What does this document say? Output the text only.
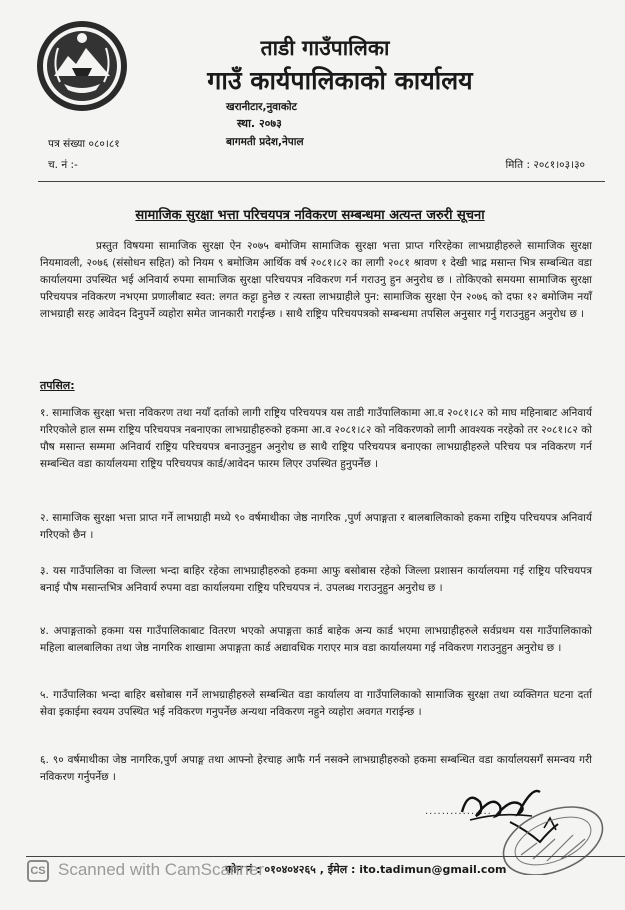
ताडी गाउँपालिका
गाउँ कार्यपालिकाको कार्यालय
खरानीटार,नुवाकोट
स्था. २०७३
बागमती प्रदेश,नेपाल
पत्र संख्या ०८०।८१
च. नं :-	मिति : २०८१।०३।३०
सामाजिक सुरक्षा भत्ता परिचयपत्र नविकरण सम्बन्धमा अत्यन्त जरुरी सूचना

प्रस्तुत विषयमा सामाजिक सुरक्षा ऐन २०७५ बमोजिम सामाजिक सुरक्षा भत्ता प्राप्त गरिरहेका लाभग्राहीहरुले सामाजिक सुरक्षा नियमावली, २०७६ (संसोधन सहित) को नियम ९ बमोजिम आर्थिक वर्ष २०८१।८२ का लागी २०८१ श्रावण १ देखी भाद्र मसान्त भित्र सम्बन्धित वडा कार्यालयमा उपस्थित भई अनिवार्य रुपमा सामाजिक सुरक्षा परिचयपत्र नविकरण गर्न गराउनु हुन अनुरोध छ । तोकिएको समयमा सामाजिक सुरक्षा परिचयपत्र नविकरण नभएमा प्रणालीबाट स्वत: लगत कट्टा हुनेछ र त्यस्ता लाभग्राहीले पुन: सामाजिक सुरक्षा ऐन २०७६ को दफा १२ बमोजिम नयाँ लाभग्राही सरह आवेदन दिनुपर्ने व्यहोरा समेत जानकारी गराईन्छ । साथै राष्ट्रिय परिचयपत्रको सम्बन्धमा तपसिल अनुसार गर्नु गराउनुहुन अनुरोध छ ।

तपसिल:

१. सामाजिक सुरक्षा भत्ता नविकरण तथा नयाँ दर्ताको लागी राष्ट्रिय परिचयपत्र यस ताडी गाउँपालिकामा आ.व २०८१।८२ को माघ महिनाबाट अनिवार्य गरिएकोले हाल सम्म राष्ट्रिय परिचयपत्र नबनाएका लाभग्राहीहरुको हकमा आ.व २०८१।८२ को नविकरणको लागी आवश्यक नरहेको तर २०८१।८२ को पौष मसान्त सम्ममा अनिवार्य राष्ट्रिय परिचयपत्र बनाउनुहुन अनुरोध छ साथै राष्ट्रिय परिचयपत्र बनाएका लाभग्राहीहरुले परिचय पत्र नविकरण गर्न सम्बन्धित वडा कार्यालयमा राष्ट्रिय परिचयपत्र कार्ड/आवेदन फारम लिएर उपस्थित हुनुपर्नेछ ।

२. सामाजिक सुरक्षा भत्ता प्राप्त गर्ने लाभग्राही मध्ये ९० वर्षमाथीका जेष्ठ नागरिक ,पुर्ण अपाङ्गता र बालबालिकाको हकमा राष्ट्रिय परिचयपत्र अनिवार्य गरिएको छैन ।

३. यस गाउँपालिका वा जिल्ला भन्दा बाहिर रहेका लाभग्राहीहरुको हकमा आफु बसोबास रहेको जिल्ला प्रशासन कार्यालयमा गई राष्ट्रिय परिचयपत्र बनाई पौष मसान्तभित्र अनिवार्य रुपमा वडा कार्यालयमा राष्ट्रिय परिचयपत्र नं. उपलब्ध गराउनुहुन अनुरोध छ ।

४. अपाङ्गताको हकमा यस गाउँपालिकाबाट वितरण भएको अपाङ्गता कार्ड बाहेक अन्य कार्ड भएमा लाभग्राहीहरुले सर्वप्रथम यस गाउँपालिकाको महिला बालबालिका तथा जेष्ठ नागरिक शाखामा अपाङ्गता कार्ड अद्यावधिक गराएर मात्र वडा कार्यालयमा गई नविकरण गराउनुहुन अनुरोध छ ।

५. गाउँपालिका भन्दा बाहिर बसोबास गर्ने लाभग्राहीहरुले सम्बन्धित वडा कार्यालय वा गाउँपालिकाको सामाजिक सुरक्षा तथा व्यक्तिगत घटना दर्ता सेवा इकाईमा स्वयम उपस्थित भई नविकरण गनुपर्नेछ अन्यथा नविकरण नहुने व्यहोरा अवगत गराईन्छ ।

६. ९० वर्षमाथीका जेष्ठ नागरिक,पुर्ण अपाङ्ग तथा आफ्नो हेरचाह आफै गर्न नसक्ने लाभग्राहीहरुको हकमा सम्बन्धित वडा कार्यालयसगँ समन्वय गरी नविकरण गर्नुपर्नेछ ।

................
फोन नं : ०१०४०४२६५ , ईमेल : ito.tadimun@gmail.com
CS Scanned with CamScanner
